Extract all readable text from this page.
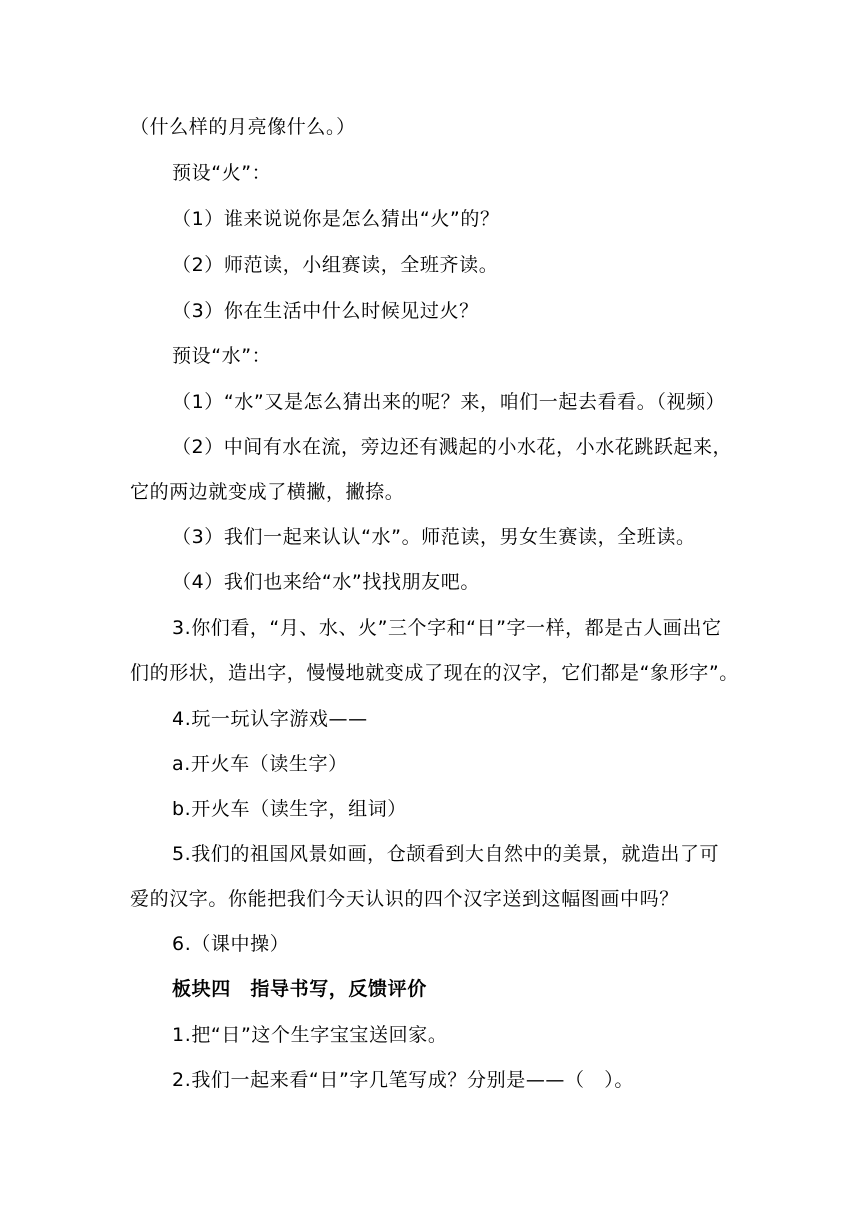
（什么样的月亮像什么。）
预设“火”：
（1）谁来说说你是怎么猜出“火”的？
（2）师范读，小组赛读，全班齐读。
（3）你在生活中什么时候见过火？
预设“水”：
（1）“水”又是怎么猜出来的呢？来，咱们一起去看看。（视频）
（2）中间有水在流，旁边还有溅起的小水花，小水花跳跃起来，
它的两边就变成了横撇，撇捺。
（3）我们一起来认认“水”。师范读，男女生赛读，全班读。
（4）我们也来给“水”找找朋友吧。
3.你们看，“月、水、火”三个字和“日”字一样，都是古人画出它
们的形状，造出字，慢慢地就变成了现在的汉字，它们都是“象形字”。
4.玩一玩认字游戏——
a.开火车（读生字）
b.开火车（读生字，组词）
5.我们的祖国风景如画，仓颉看到大自然中的美景，就造出了可
爱的汉字。你能把我们今天认识的四个汉字送到这幅图画中吗？
6.（课中操）
板块四　指导书写，反馈评价
1.把“日”这个生字宝宝送回家。
2.我们一起来看“日”字几笔写成？分别是——（　）。
